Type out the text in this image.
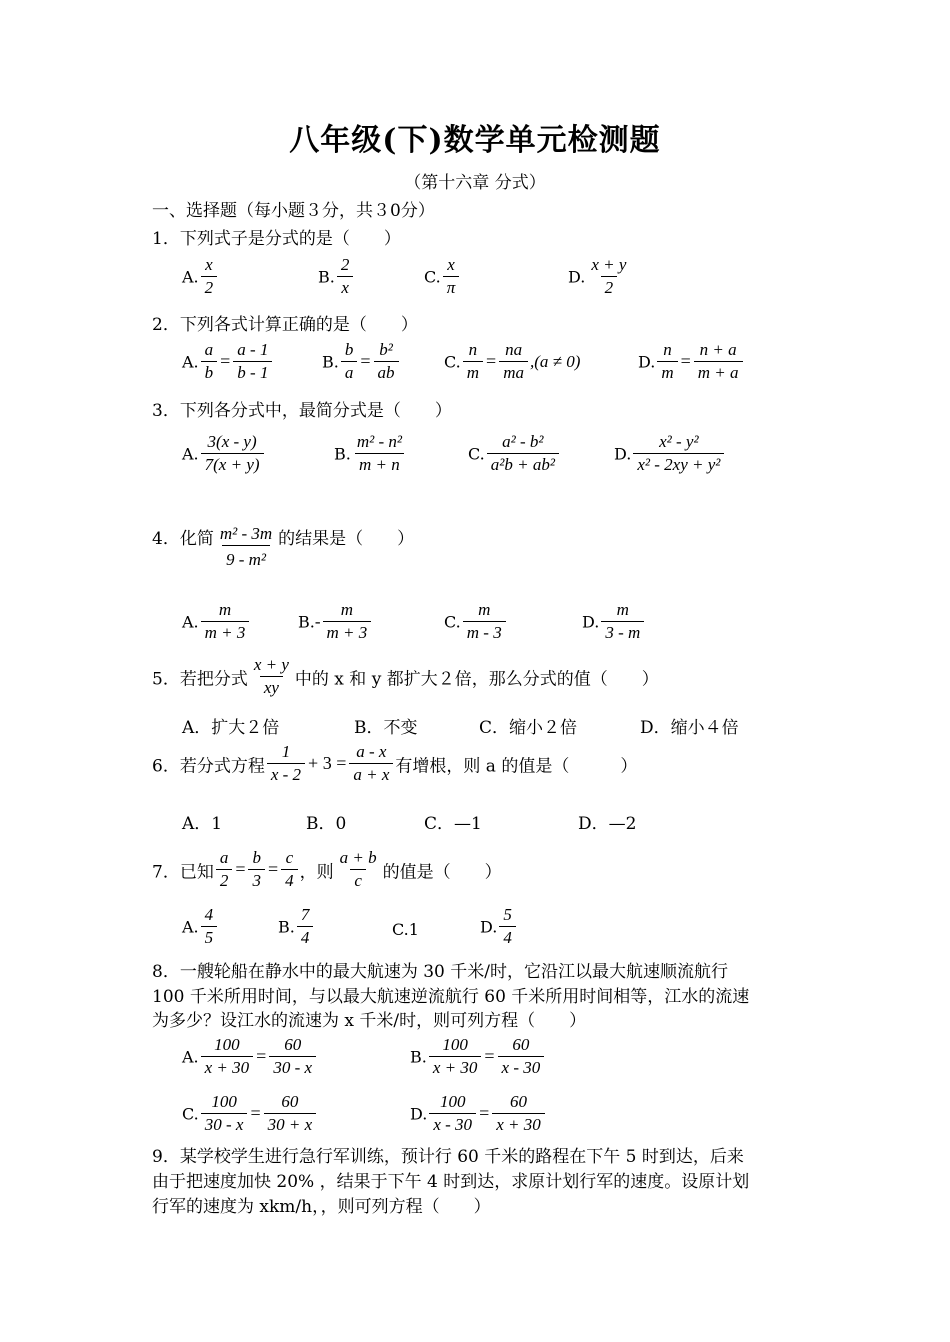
八年级(下)数学单元检测题
（第十六章 分式）
一、选择题（每小题３分，共３0分）
1．下列式子是分式的是（　　）
A. $\frac{x}{2}$	B. $\frac{2}{x}$	C. $\frac{x}{\pi}$	D. $\frac{x + y}{2}$
2．下列各式计算正确的是（　　）
A. $\frac{a}{b} = \frac{a - 1}{b - 1}$	B. $\frac{b}{a} = \frac{\text{b²}}{ab}$	C. $\frac{n}{m} = \frac{na}{ma} ,(a \ne 0)$	D. $\frac{n}{m} = \frac{n + a}{m + a}$
3．下列各分式中，最简分式是（　　）
A. $\frac{3(x - y)}{7(x + y)}$	B. $\frac{\text{m² - n²}}{m + n}$	C. $\frac{\text{a² - b²}}{\text{a²b + ab²}}$	D. $\frac{\text{x² - y²}}{\text{x² - 2xy + y²}}$
4．化简 $\frac{\text{m² - 3m}}{\text{9 - m²}}$ 的结果是（　　）
A. $\frac{m}{m + 3}$	$B.- \frac{m}{m + 3}$	C. $\frac{m}{m - 3}$	D. $\frac{m}{3 - m}$
5．若把分式 $\frac{x + y}{xy}$ 中的 x 和 y 都扩大２倍，那么分式的值（　　）
A．扩大２倍	B．不变	C．缩小２倍	D．缩小４倍
6．若分式方程 $\frac{1}{x - 2} + 3 = \frac{a - x}{a + x}$ 有增根，则 a 的值是（　　　）
A．1	B．0	C．—1	D．—2
7．已知 $\frac{a}{2} = \frac{b}{3} = \frac{c}{4}$ ，则 $\frac{a + b}{c}$ 的值是（　　）
A. $\frac{4}{5}$	B. $\frac{7}{4}$	C.1	D. $\frac{5}{4}$
8．一艘轮船在静水中的最大航速为 30 千米/时，它沿江以最大航速顺流航行
100 千米所用时间，与以最大航速逆流航行 60 千米所用时间相等，江水的流速
为多少？设江水的流速为 x 千米/时，则可列方程（　　）
A. $\frac{100}{x + 30} = \frac{60}{30 - x}$	B. $\frac{100}{x + 30} = \frac{60}{x - 30}$
C. $\frac{100}{30 - x} = \frac{60}{30 + x}$	D. $\frac{100}{x - 30} = \frac{60}{x + 30}$
9．某学校学生进行急行军训练，预计行 60 千米的路程在下午 5 时到达，后来
由于把速度加快 20% ，结果于下午 4 时到达，求原计划行军的速度。设原计划
行军的速度为 xkm/h，，则可列方程（　　）
